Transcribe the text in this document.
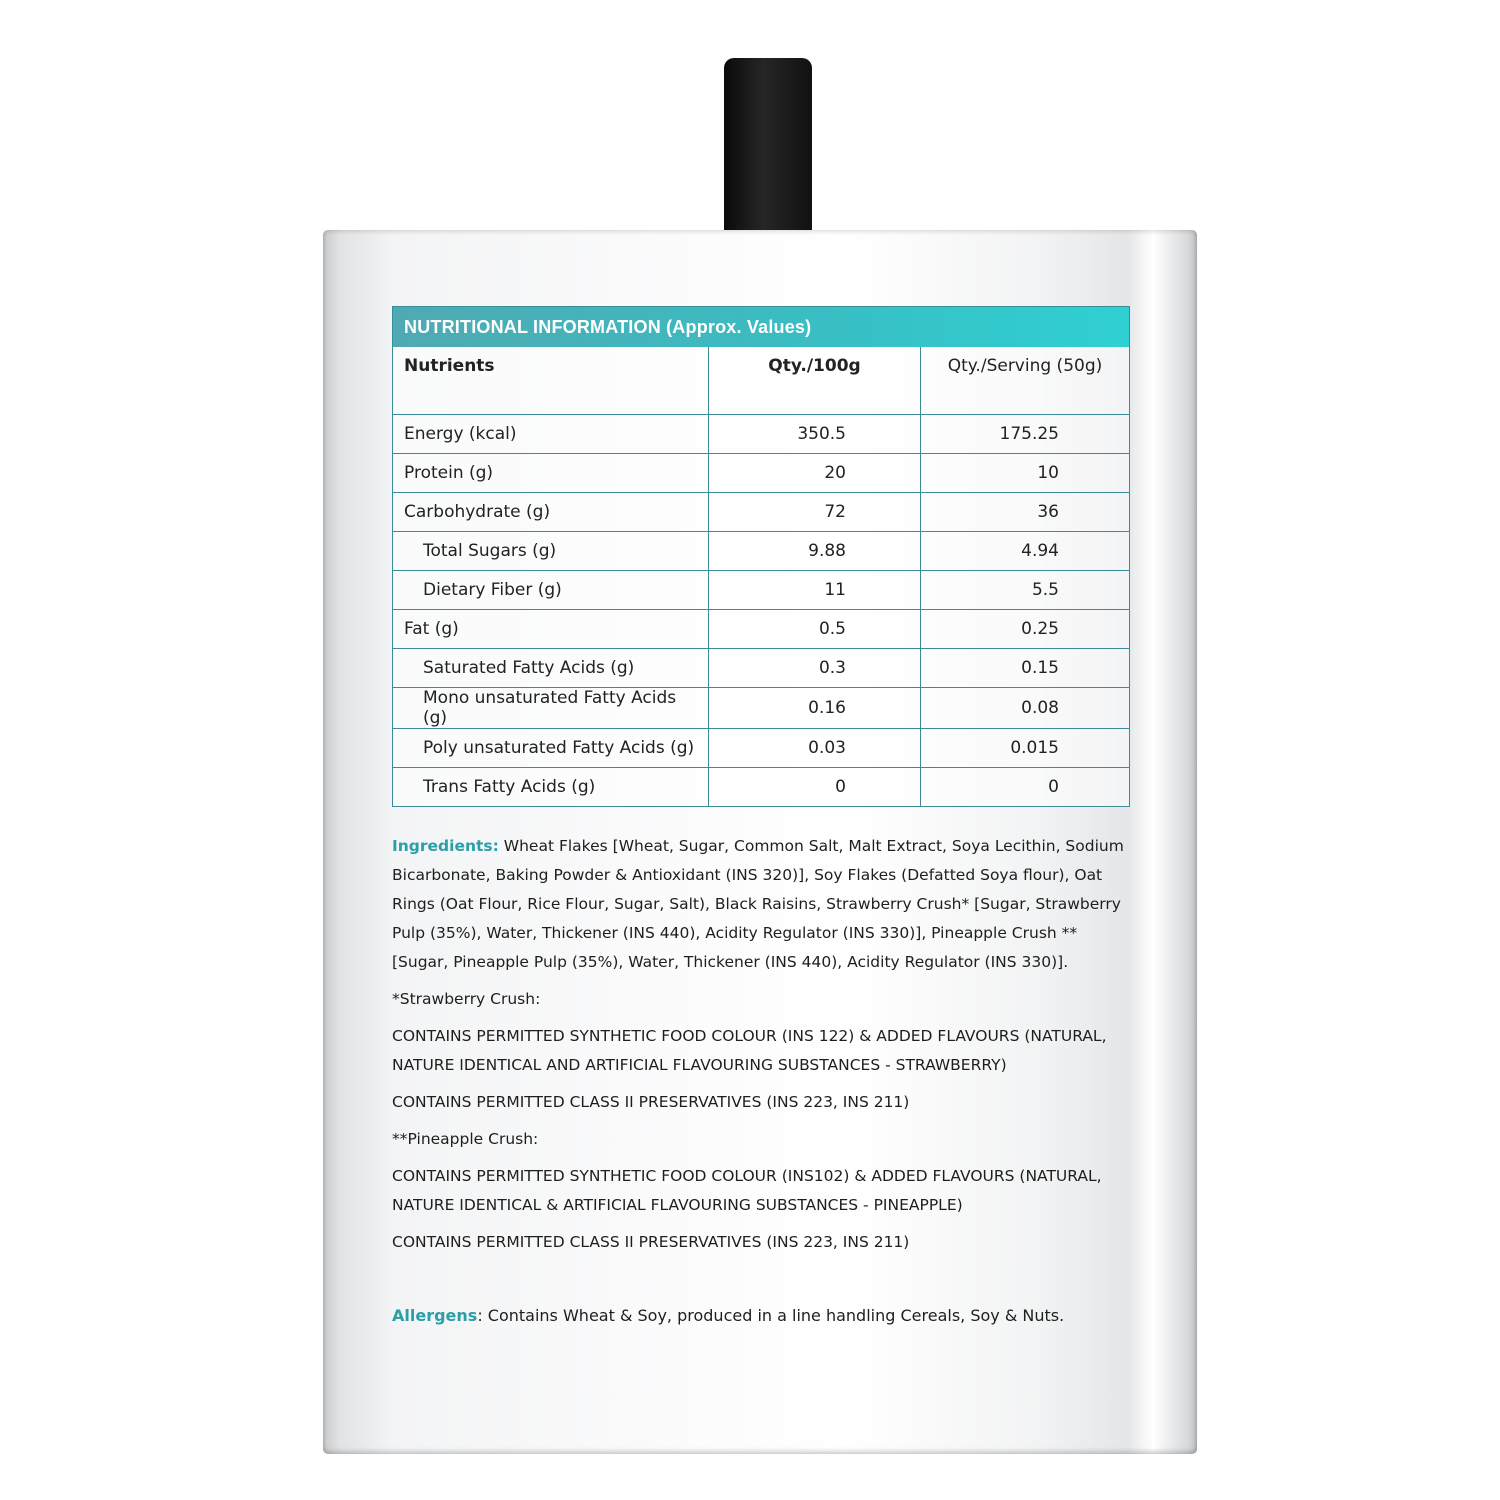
NUTRITIONAL INFORMATION (Approx. Values)
Nutrients	Qty./100g	Qty./Serving (50g)
Energy (kcal)	350.5	175.25
Protein (g)	20	10
Carbohydrate (g)	72	36
Total Sugars (g)	9.88	4.94
Dietary Fiber (g)	11	5.5
Fat (g)	0.5	0.25
Saturated Fatty Acids (g)	0.3	0.15
Mono unsaturated Fatty Acids (g)	0.16	0.08
Poly unsaturated Fatty Acids (g)	0.03	0.015
Trans Fatty Acids (g)	0	0

Ingredients: Wheat Flakes [Wheat, Sugar, Common Salt, Malt Extract, Soya Lecithin, Sodium Bicarbonate, Baking Powder & Antioxidant (INS 320)], Soy Flakes (Defatted Soya flour), Oat Rings (Oat Flour, Rice Flour, Sugar, Salt), Black Raisins, Strawberry Crush* [Sugar, Strawberry Pulp (35%), Water, Thickener (INS 440), Acidity Regulator (INS 330)], Pineapple Crush ** [Sugar, Pineapple Pulp (35%), Water, Thickener (INS 440), Acidity Regulator (INS 330)].

*Strawberry Crush:

CONTAINS PERMITTED SYNTHETIC FOOD COLOUR (INS 122) & ADDED FLAVOURS (NATURAL, NATURE IDENTICAL AND ARTIFICIAL FLAVOURING SUBSTANCES - STRAWBERRY)

CONTAINS PERMITTED CLASS II PRESERVATIVES (INS 223, INS 211)

**Pineapple Crush:

CONTAINS PERMITTED SYNTHETIC FOOD COLOUR (INS102) & ADDED FLAVOURS (NATURAL, NATURE IDENTICAL & ARTIFICIAL FLAVOURING SUBSTANCES - PINEAPPLE)

CONTAINS PERMITTED CLASS II PRESERVATIVES (INS 223, INS 211)

Allergens: Contains Wheat & Soy, produced in a line handling Cereals, Soy & Nuts.
